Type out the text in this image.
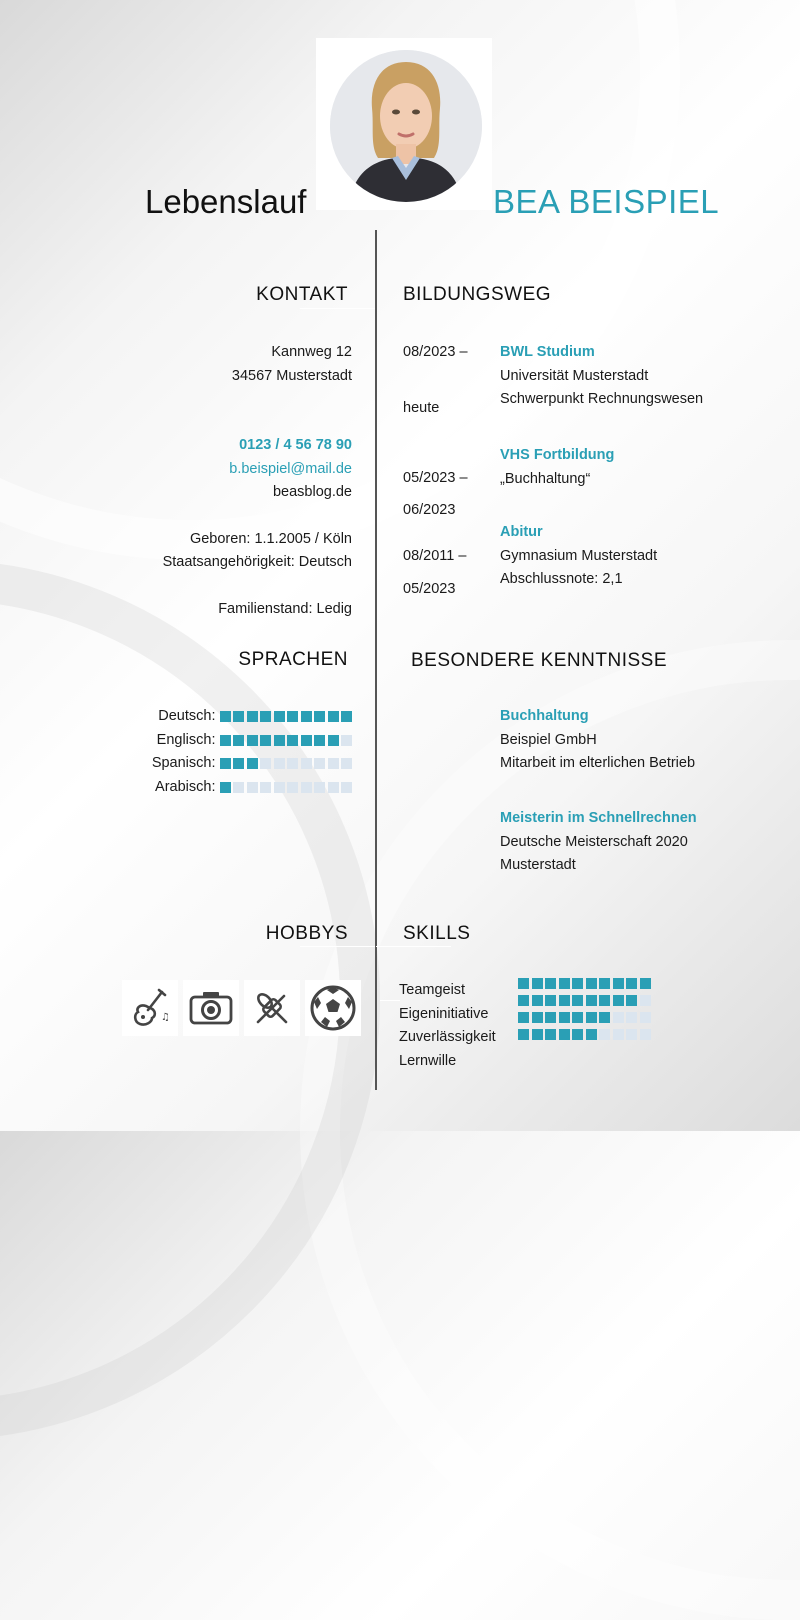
Lebenslauf	BEA BEISPIEL
KONTAKT
Kannweg 12
34567 Musterstadt
0123 / 4 56 78 90
b.beispiel@mail.de
beasblog.de
Geboren: 1.1.2005 / Köln
Staatsangehörigkeit: Deutsch
Familienstand: Ledig
SPRACHEN
Deutsch:
Englisch:
Spanisch:
Arabisch:
HOBBYS
♫
BILDUNGSWEG
08/2023 –
heute
BWL Studium
Universität Musterstadt
Schwerpunkt Rechnungswesen
05/2023 –
06/2023
VHS Fortbildung
„Buchhaltung“
08/2011 –
05/2023
Abitur
Gymnasium Musterstadt
Abschlussnote: 2,1
BESONDERE KENNTNISSE
Buchhaltung
Beispiel GmbH
Mitarbeit im elterlichen Betrieb
Meisterin im Schnellrechnen
Deutsche Meisterschaft 2020
Musterstadt
SKILLS
Teamgeist
Eigeninitiative
Zuverlässigkeit
Lernwille
